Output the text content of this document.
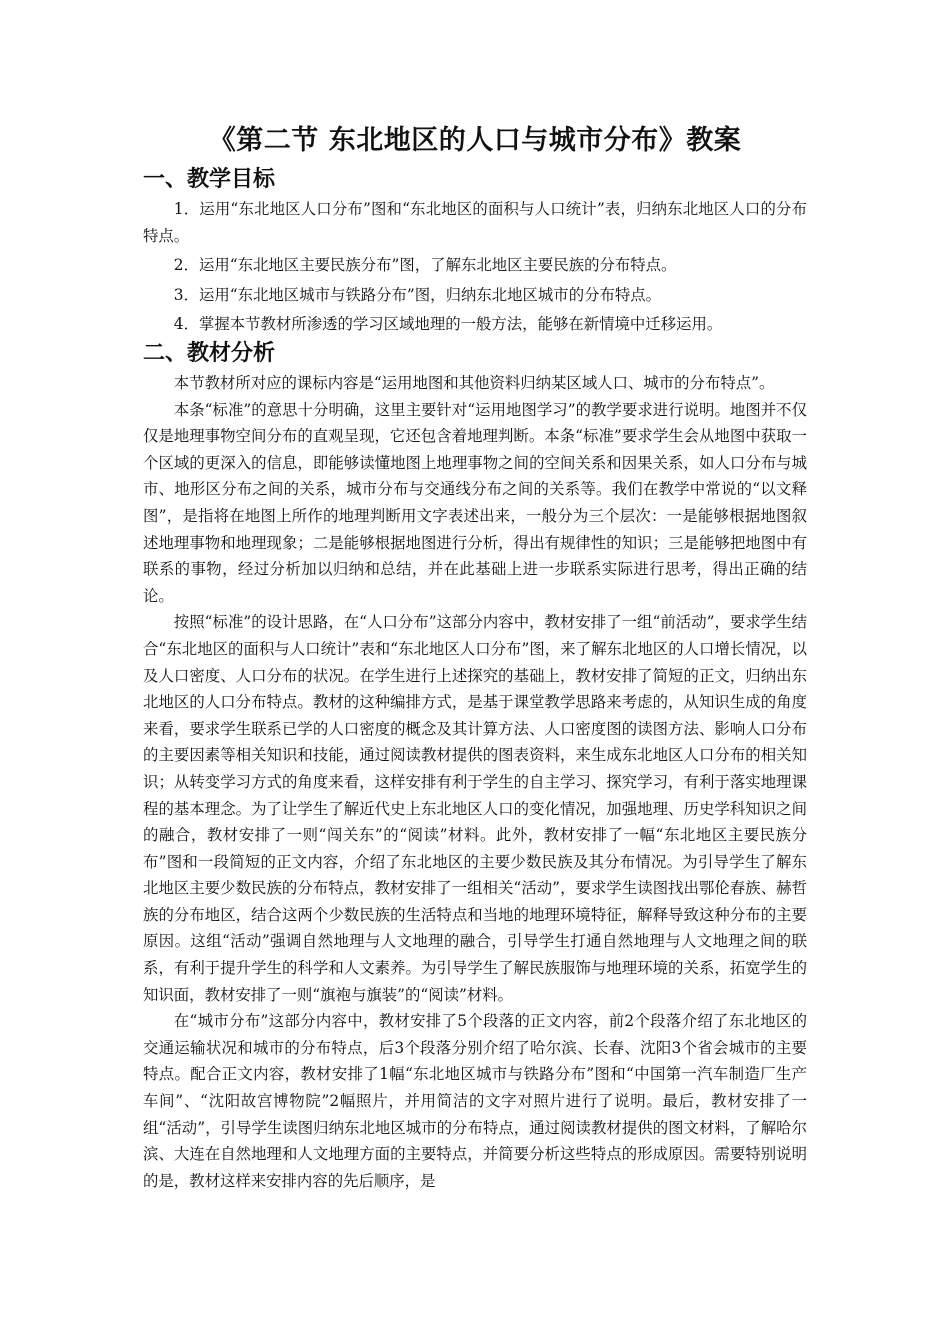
《第二节 东北地区的人口与城市分布》教案
一、教学目标

1．运用“东北地区人口分布”图和“东北地区的面积与人口统计”表，归纳东北地区人口的分布特点。

2．运用“东北地区主要民族分布”图，了解东北地区主要民族的分布特点。

3．运用“东北地区城市与铁路分布”图，归纳东北地区城市的分布特点。

4．掌握本节教材所渗透的学习区域地理的一般方法，能够在新情境中迁移运用。

二、教材分析

本节教材所对应的课标内容是“运用地图和其他资料归纳某区域人口、城市的分布特点”。

本条“标准”的意思十分明确，这里主要针对“运用地图学习”的教学要求进行说明。地图并不仅仅是地理事物空间分布的直观呈现，它还包含着地理判断。本条“标准”要求学生会从地图中获取一个区域的更深入的信息，即能够读懂地图上地理事物之间的空间关系和因果关系，如人口分布与城市、地形区分布之间的关系，城市分布与交通线分布之间的关系等。我们在教学中常说的“以文释图”，是指将在地图上所作的地理判断用文字表述出来，一般分为三个层次：一是能够根据地图叙述地理事物和地理现象；二是能够根据地图进行分析，得出有规律性的知识；三是能够把地图中有联系的事物，经过分析加以归纳和总结，并在此基础上进一步联系实际进行思考，得出正确的结论。

按照“标准”的设计思路，在“人口分布”这部分内容中，教材安排了一组“前活动”，要求学生结合“东北地区的面积与人口统计”表和“东北地区人口分布”图，来了解东北地区的人口增长情况，以及人口密度、人口分布的状况。在学生进行上述探究的基础上，教材安排了简短的正文，归纳出东北地区的人口分布特点。教材的这种编排方式，是基于课堂教学思路来考虑的，从知识生成的角度来看，要求学生联系已学的人口密度的概念及其计算方法、人口密度图的读图方法、影响人口分布的主要因素等相关知识和技能，通过阅读教材提供的图表资料，来生成东北地区人口分布的相关知识；从转变学习方式的角度来看，这样安排有利于学生的自主学习、探究学习，有利于落实地理课程的基本理念。为了让学生了解近代史上东北地区人口的变化情况，加强地理、历史学科知识之间的融合，教材安排了一则“闯关东”的“阅读”材料。此外，教材安排了一幅“东北地区主要民族分布”图和一段简短的正文内容，介绍了东北地区的主要少数民族及其分布情况。为引导学生了解东北地区主要少数民族的分布特点，教材安排了一组相关“活动”，要求学生读图找出鄂伦春族、赫哲族的分布地区，结合这两个少数民族的生活特点和当地的地理环境特征，解释导致这种分布的主要原因。这组“活动”强调自然地理与人文地理的融合，引导学生打通自然地理与人文地理之间的联系，有利于提升学生的科学和人文素养。为引导学生了解民族服饰与地理环境的关系，拓宽学生的知识面，教材安排了一则“旗袍与旗装”的“阅读”材料。

在“城市分布”这部分内容中，教材安排了5个段落的正文内容，前2个段落介绍了东北地区的交通运输状况和城市的分布特点，后3个段落分别介绍了哈尔滨、长春、沈阳3个省会城市的主要特点。配合正文内容，教材安排了1幅“东北地区城市与铁路分布”图和“中国第一汽车制造厂生产车间”、“沈阳故宫博物院”2幅照片，并用简洁的文字对照片进行了说明。最后，教材安排了一组“活动”，引导学生读图归纳东北地区城市的分布特点，通过阅读教材提供的图文材料，了解哈尔滨、大连在自然地理和人文地理方面的主要特点，并简要分析这些特点的形成原因。需要特别说明的是，教材这样来安排内容的先后顺序，是
